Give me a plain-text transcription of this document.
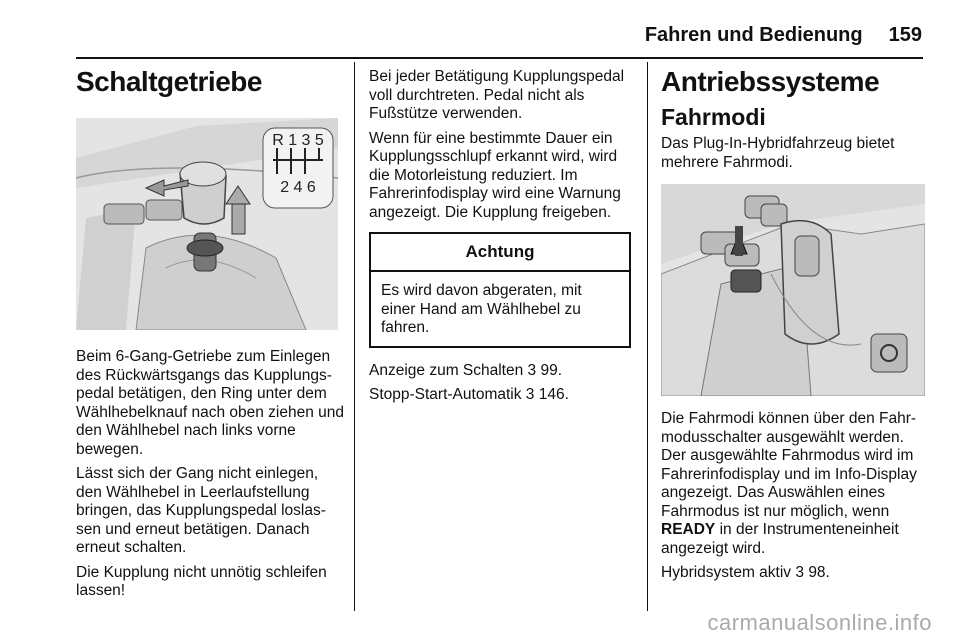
Fahren und Bedienung 159
Schaltgetriebe
R 1 3 5
2 4 6

Beim 6-Gang-Getriebe zum Einlegen des Rückwärtsgangs das Kupplungs-pedal betätigen, den Ring unter dem Wählhebelknauf nach oben ziehen und den Wählhebel nach links vorne bewegen.

Lässt sich der Gang nicht einlegen, den Wählhebel in Leerlaufstellung bringen, das Kupplungspedal loslas-sen und erneut betätigen. Danach erneut schalten.

Die Kupplung nicht unnötig schleifen lassen!

Bei jeder Betätigung Kupplungspedal voll durchtreten. Pedal nicht als Fußstütze verwenden.

Wenn für eine bestimmte Dauer ein Kupplungsschlupf erkannt wird, wird die Motorleistung reduziert. Im Fahrerinfodisplay wird eine Warnung angezeigt. Die Kupplung freigeben.

Achtung

Es wird davon abgeraten, mit einer Hand am Wählhebel zu fahren.

Anzeige zum Schalten 3 99.

Stopp-Start-Automatik 3 146.

Antriebssysteme
Fahrmodi

Das Plug-In-Hybridfahrzeug bietet mehrere Fahrmodi.

Die Fahrmodi können über den Fahr-modusschalter ausgewählt werden. Der ausgewählte Fahrmodus wird im Fahrerinfodisplay und im Info-Display angezeigt. Das Auswählen eines Fahrmodus ist nur möglich, wenn READY in der Instrumenteneinheit angezeigt wird.

Hybridsystem aktiv 3 98.

carmanualsonline.info
